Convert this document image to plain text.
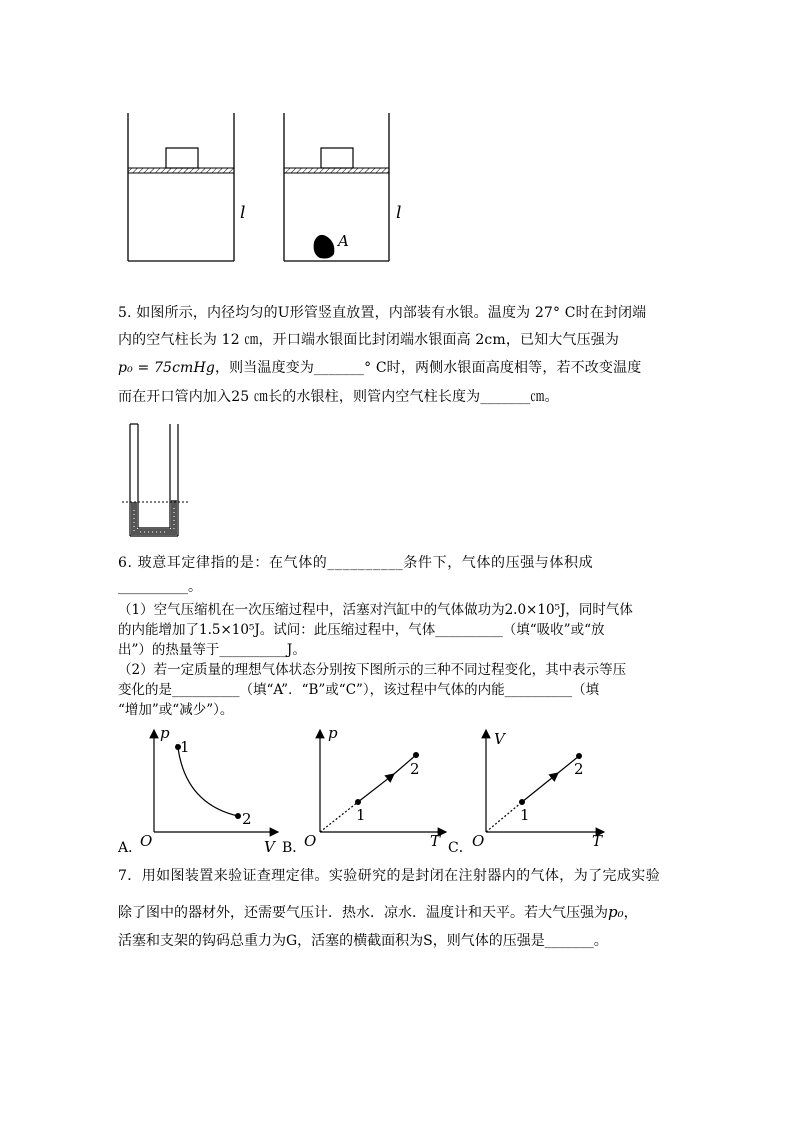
l	l
A
5. 如图所示，内径均匀的U形管竖直放置，内部装有水银。温度为 27° C时在封闭端
内的空气柱长为 12 ㎝，开口端水银面比封闭端水银面高 2cm，已知大气压强为
p₀ = 75cmHg，则当温度变为_______° C时，两侧水银面高度相等，若不改变温度
而在开口管内加入25 ㎝长的水银柱，则管内空气柱长度为_______㎝。
6. 玻意耳定律指的是：在气体的__________条件下，气体的压强与体积成
__________。
（1）空气压缩机在一次压缩过程中，活塞对汽缸中的气体做功为2.0×10⁵J，同时气体
的内能增加了1.5×10⁵J。试问：此压缩过程中，气体__________（填“吸收”或“放
出”）的热量等于__________J。
（2）若一定质量的理想气体状态分别按下图所示的三种不同过程变化，其中表示等压
变化的是__________（填“A”．“B”或“C”），该过程中气体的内能__________（填
“增加”或“减少”）。
p
1
2
O	V
A．
p
1
2
O	T
B．
V
1
2
O	T
C．
7．用如图装置来验证查理定律。实验研究的是封闭在注射器内的气体，为了完成实验
除了图中的器材外，还需要气压计．热水．凉水．温度计和天平。若大气压强为p₀，
活塞和支架的钩码总重力为G，活塞的横截面积为S，则气体的压强是_______。
